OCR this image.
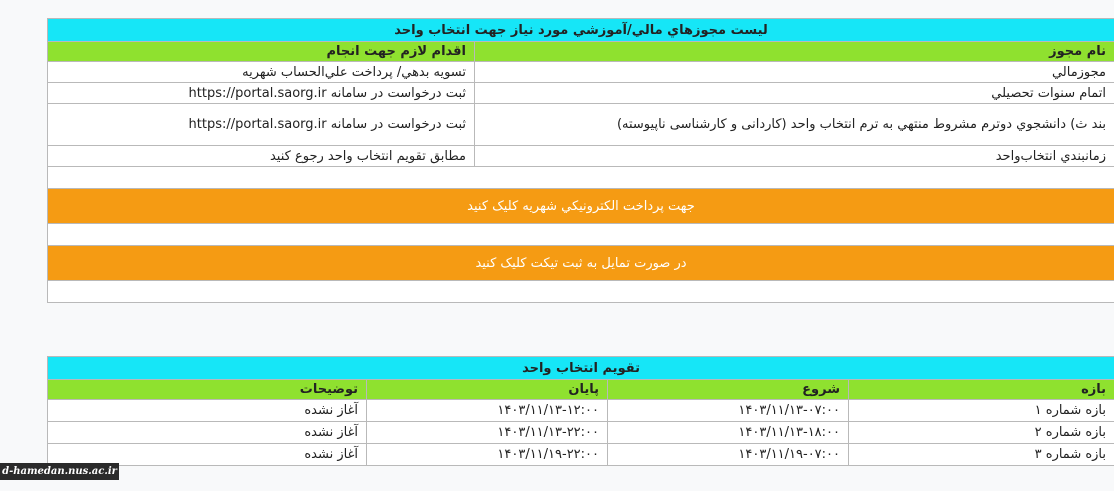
ليست مجوزهاي مالي/آموزشي مورد نياز جهت انتخاب واحد	
نام مجوز	اقدام لازم جهت انجام
مجوزمالي	تسويه بدهي/ پرداخت علي‌الحساب شهريه
اتمام سنوات تحصيلي	ثبت درخواست در سامانه https://portal.saorg.ir
بند ث) دانشجوي دوترم مشروط منتهي به ترم انتخاب واحد (کاردانی و کارشناسی ناپیوسته)	ثبت درخواست در سامانه https://portal.saorg.ir
زمانبندي انتخاب‌واحد	مطابق تقویم انتخاب واحد رجوع كنيد

جهت پرداخت الكترونيكي شهريه كليک كنيد	

در صورت تمایل به ثبت تیکت کلیک کنید	

تقویم انتخاب واحد			
بازه	شروع	پایان	توضیحات
بازه شماره ۱	۱۴۰۳/۱۱/۱۳-۰۷:۰۰	۱۴۰۳/۱۱/۱۳-۱۲:۰۰	آغاز نشده
بازه شماره ۲	۱۴۰۳/۱۱/۱۳-۱۸:۰۰	۱۴۰۳/۱۱/۱۳-۲۲:۰۰	آغاز نشده
بازه شماره ۳	۱۴۰۳/۱۱/۱۹-۰۷:۰۰	۱۴۰۳/۱۱/۱۹-۲۲:۰۰	آغاز نشده
d-hamedan.nus.ac.ir
